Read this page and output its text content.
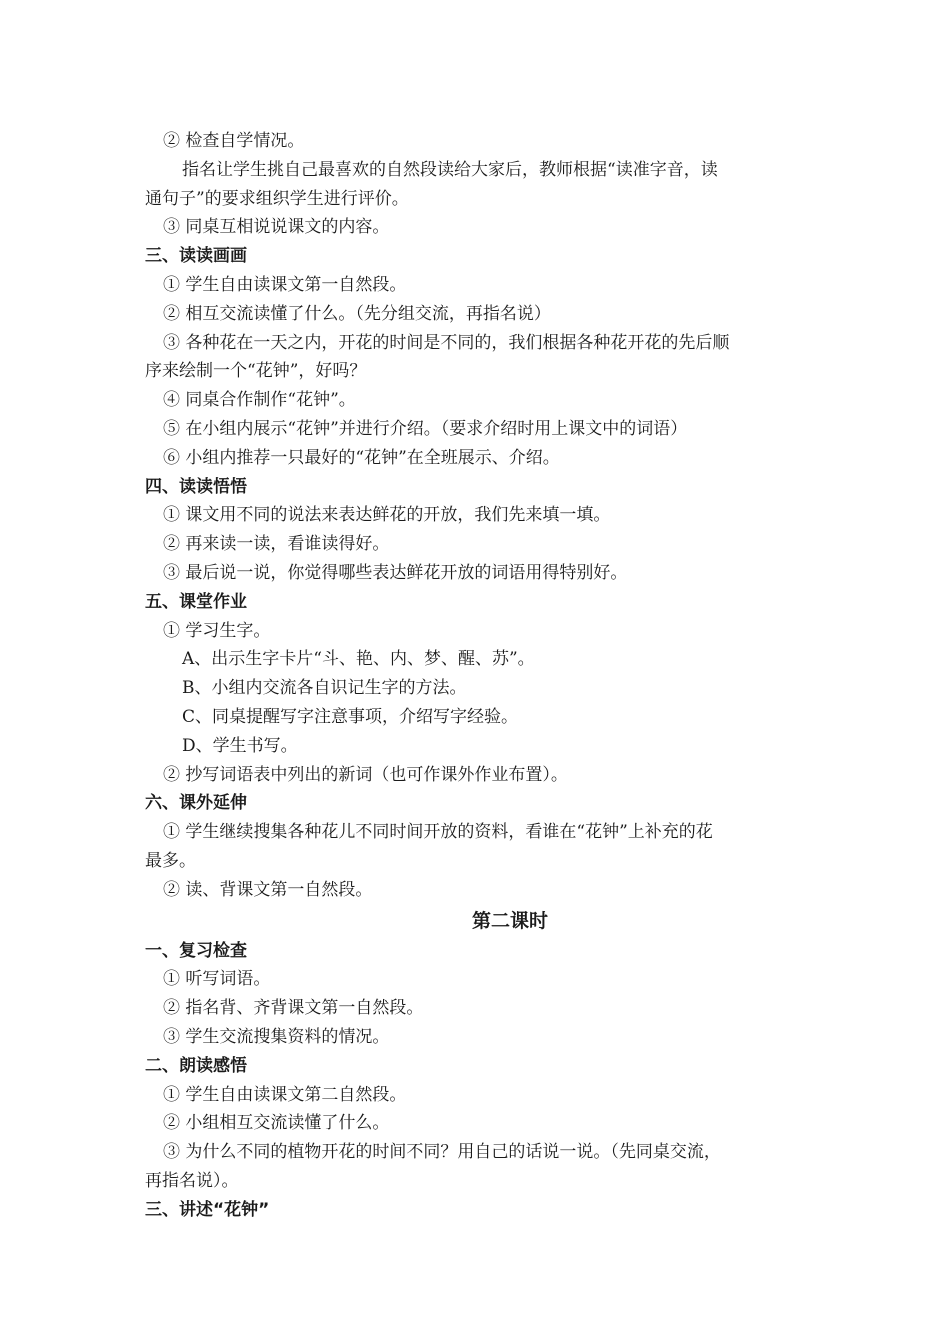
② 检查自学情况。
指名让学生挑自己最喜欢的自然段读给大家后，教师根据“读准字音，读
通句子”的要求组织学生进行评价。
③ 同桌互相说说课文的内容。
三、读读画画
① 学生自由读课文第一自然段。
② 相互交流读懂了什么。（先分组交流，再指名说）
③ 各种花在一天之内，开花的时间是不同的，我们根据各种花开花的先后顺
序来绘制一个“花钟”，好吗？
④ 同桌合作制作“花钟”。
⑤ 在小组内展示“花钟”并进行介绍。（要求介绍时用上课文中的词语）
⑥ 小组内推荐一只最好的“花钟”在全班展示、介绍。
四、读读悟悟
① 课文用不同的说法来表达鲜花的开放，我们先来填一填。
② 再来读一读，看谁读得好。
③ 最后说一说，你觉得哪些表达鲜花开放的词语用得特别好。
五、课堂作业
① 学习生字。
A、出示生字卡片“斗、艳、内、梦、醒、苏”。
B、小组内交流各自识记生字的方法。
C、同桌提醒写字注意事项，介绍写字经验。
D、学生书写。
② 抄写词语表中列出的新词（也可作课外作业布置）。
六、课外延伸
① 学生继续搜集各种花儿不同时间开放的资料，看谁在“花钟”上补充的花
最多。
② 读、背课文第一自然段。
第二课时
一、复习检查
① 听写词语。
② 指名背、齐背课文第一自然段。
③ 学生交流搜集资料的情况。
二、朗读感悟
① 学生自由读课文第二自然段。
② 小组相互交流读懂了什么。
③ 为什么不同的植物开花的时间不同？用自己的话说一说。（先同桌交流，
再指名说）。
三、讲述“花钟”
